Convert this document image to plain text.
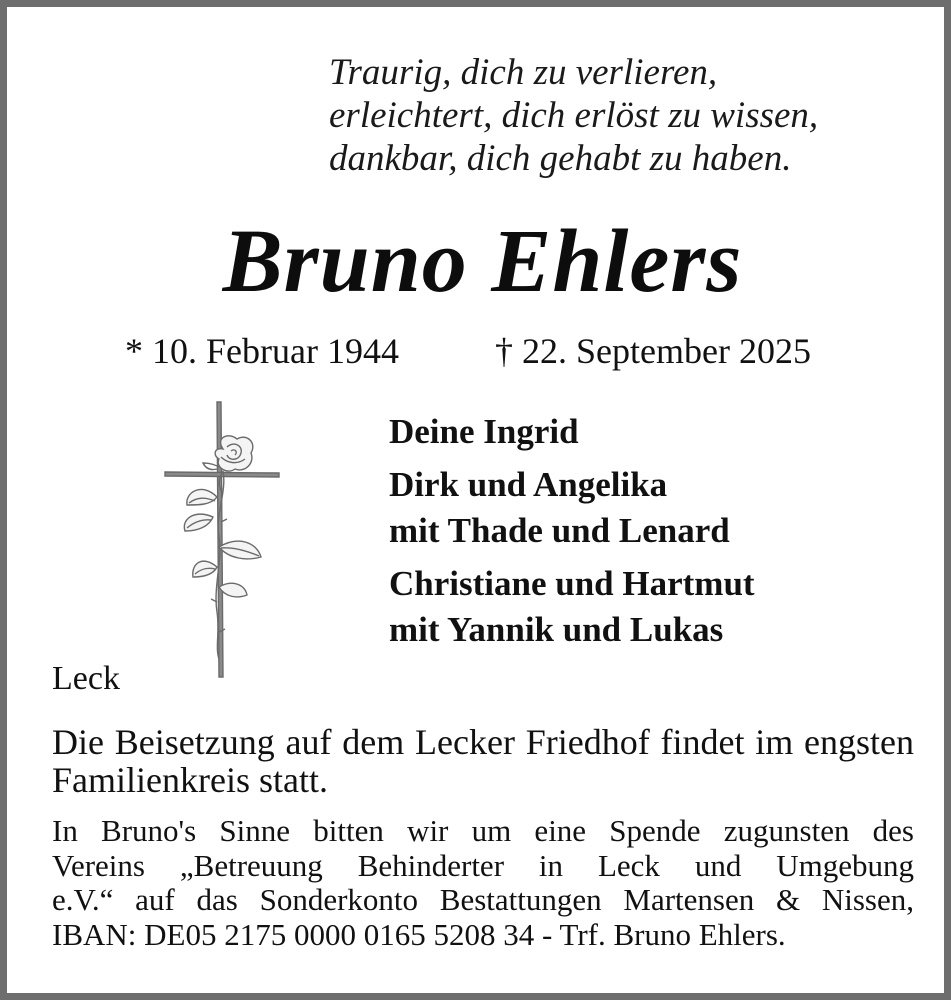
Traurig, dich zu verlieren,
erleichtert, dich erlöst zu wissen,
dankbar, dich gehabt zu haben.
Bruno Ehlers
* 10. Februar 1944	† 22. September 2025
Deine Ingrid
Dirk und Angelika
mit Thade und Lenard
Christiane und Hartmut
mit Yannik und Lukas
Leck
Die Beisetzung auf dem Lecker Friedhof findet im engsten Familienkreis statt.
In Bruno's Sinne bitten wir um eine Spende zugunsten des
Vereins „Betreuung Behinderter in Leck und Umgebung
e.V.“ auf das Sonderkonto Bestattungen Martensen & Nissen,
IBAN: DE05 2175 0000 0165 5208 34 - Trf. Bruno Ehlers.
